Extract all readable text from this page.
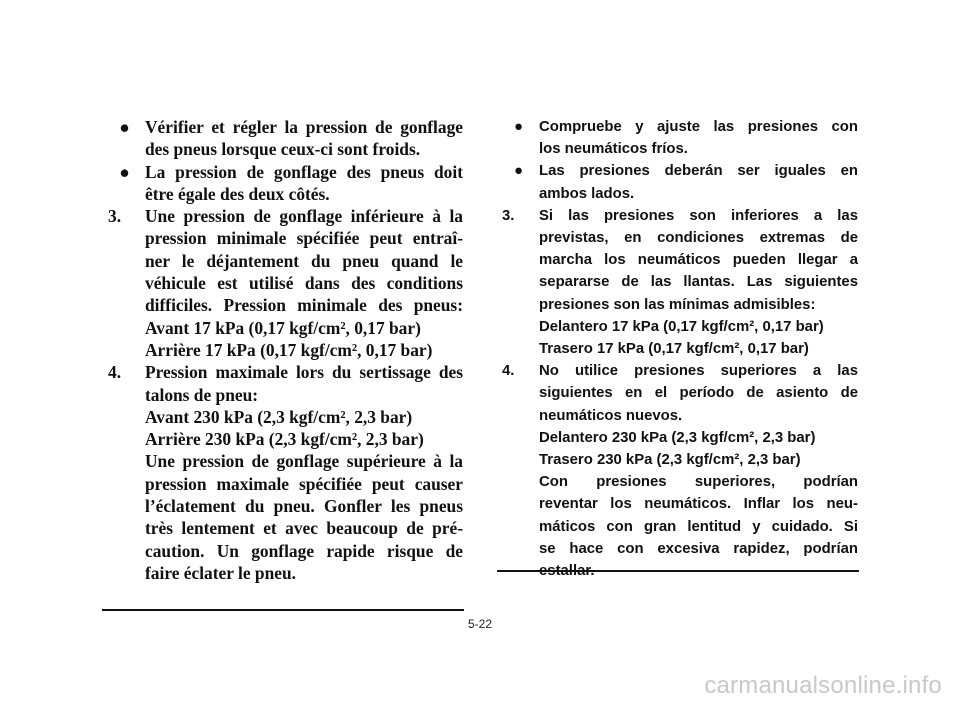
● Vérifier et régler la pression de gonflage
des pneus lorsque ceux-ci sont froids.
● La pression de gonflage des pneus doit
être égale des deux côtés.
3.	Une pression de gonflage inférieure à la
pression minimale spécifiée peut entraî-
ner le déjantement du pneu quand le
véhicule est utilisé dans des conditions
difficiles. Pression minimale des pneus:
Avant 17 kPa (0,17 kgf/cm², 0,17 bar)
Arrière 17 kPa (0,17 kgf/cm², 0,17 bar)
4.	Pression maximale lors du sertissage des
talons de pneu:
Avant 230 kPa (2,3 kgf/cm², 2,3 bar)
Arrière 230 kPa (2,3 kgf/cm², 2,3 bar)
Une pression de gonflage supérieure à la
pression maximale spécifiée peut causer
l’éclatement du pneu. Gonfler les pneus
très lentement et avec beaucoup de pré-
caution. Un gonflage rapide risque de
faire éclater le pneu.
●	Compruebe y ajuste las presiones con
los neumáticos fríos.
●	Las presiones deberán ser iguales en
ambos lados.
3.	Si las presiones son inferiores a las
previstas, en condiciones extremas de
marcha los neumáticos pueden llegar a
separarse de las llantas. Las siguientes
presiones son las mínimas admisibles:
Delantero 17 kPa (0,17 kgf/cm², 0,17 bar)
Trasero 17 kPa (0,17 kgf/cm², 0,17 bar)
4.	No utilice presiones superiores a las
siguientes en el período de asiento de
neumáticos nuevos.
Delantero 230 kPa (2,3 kgf/cm², 2,3 bar)
Trasero 230 kPa (2,3 kgf/cm², 2,3 bar)
Con presiones superiores, podrían
reventar los neumáticos. Inflar los neu-
máticos con gran lentitud y cuidado. Si
se hace con excesiva rapidez, podrían
estallar.
5-22
carmanualsonline.info
